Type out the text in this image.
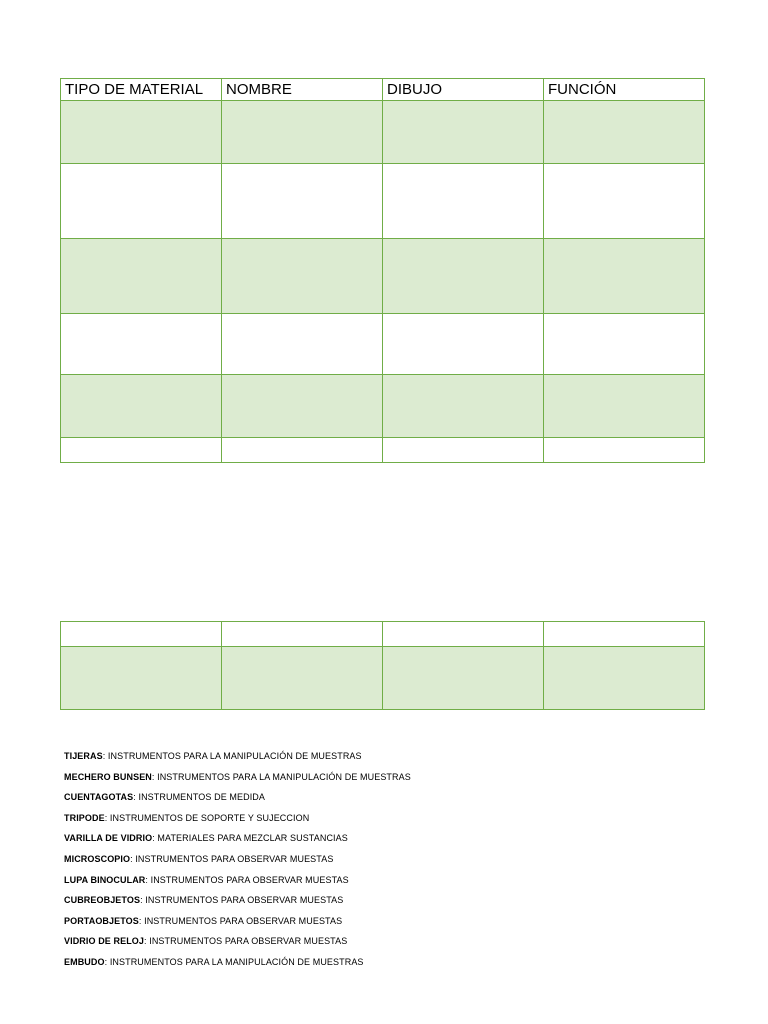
TIPO DE MATERIAL	NOMBRE	DIBUJO	FUNCIÓN

TIJERAS: INSTRUMENTOS PARA LA MANIPULACIÓN DE MUESTRAS
MECHERO BUNSEN: INSTRUMENTOS PARA LA MANIPULACIÓN DE MUESTRAS
CUENTAGOTAS: INSTRUMENTOS DE MEDIDA
TRIPODE: INSTRUMENTOS DE SOPORTE Y SUJECCION
VARILLA DE VIDRIO: MATERIALES PARA MEZCLAR SUSTANCIAS
MICROSCOPIO: INSTRUMENTOS PARA OBSERVAR MUESTAS
LUPA BINOCULAR: INSTRUMENTOS PARA OBSERVAR MUESTAS
CUBREOBJETOS: INSTRUMENTOS PARA OBSERVAR MUESTAS
PORTAOBJETOS: INSTRUMENTOS PARA OBSERVAR MUESTAS
VIDRIO DE RELOJ: INSTRUMENTOS PARA OBSERVAR MUESTAS
EMBUDO: INSTRUMENTOS PARA LA MANIPULACIÓN DE MUESTRAS
